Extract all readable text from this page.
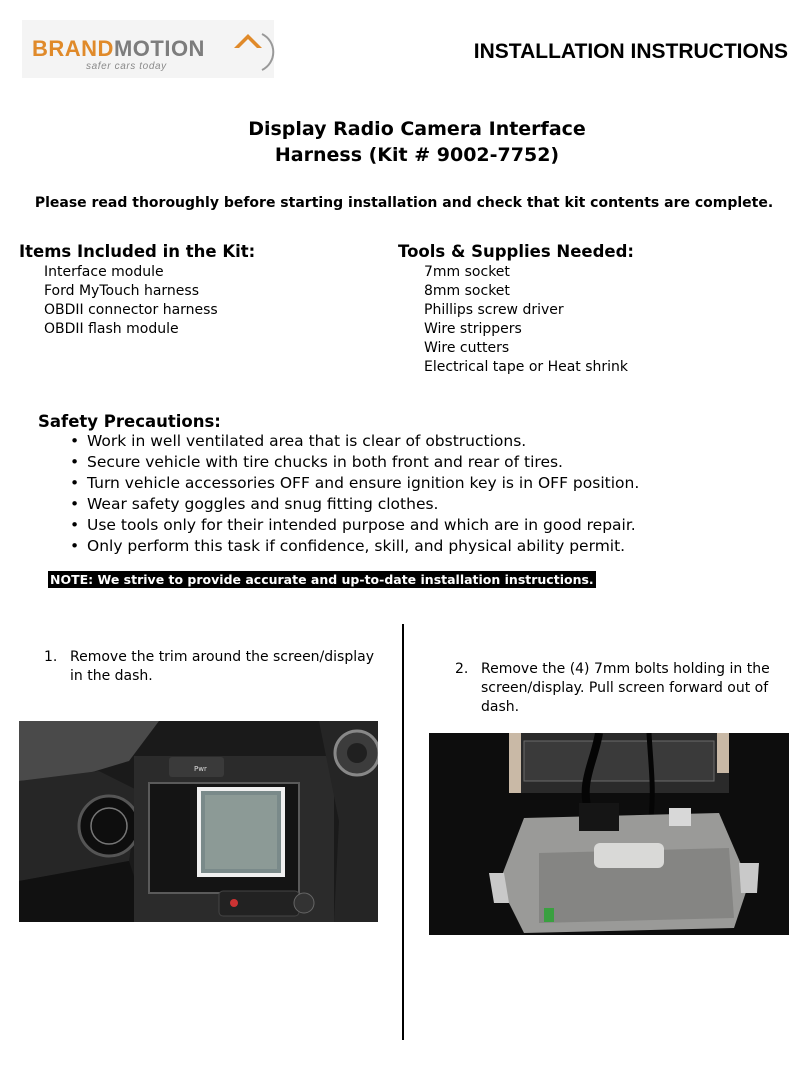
BRANDMOTION
safer cars today
INSTALLATION INSTRUCTIONS
Display Radio Camera Interface
Harness (Kit # 9002-7752)
Please read thoroughly before starting installation and check that kit contents are complete.
Items Included in the Kit:
Interface module
Ford MyTouch harness
OBDII connector harness
OBDII flash module
Tools & Supplies Needed:
7mm socket
8mm socket
Phillips screw driver
Wire strippers
Wire cutters
Electrical tape or Heat shrink
Safety Precautions:
• Work in well ventilated area that is clear of obstructions.
• Secure vehicle with tire chucks in both front and rear of tires.
• Turn vehicle accessories OFF and ensure ignition key is in OFF position.
• Wear safety goggles and snug fitting clothes.
• Use tools only for their intended purpose and which are in good repair.
• Only perform this task if confidence, skill, and physical ability permit.
NOTE: We strive to provide accurate and up-to-date installation instructions.
1. Remove the trim around the screen/display in the dash.	2. Remove the (4) 7mm bolts holding in the screen/display. Pull screen forward out of dash.
Pwr
